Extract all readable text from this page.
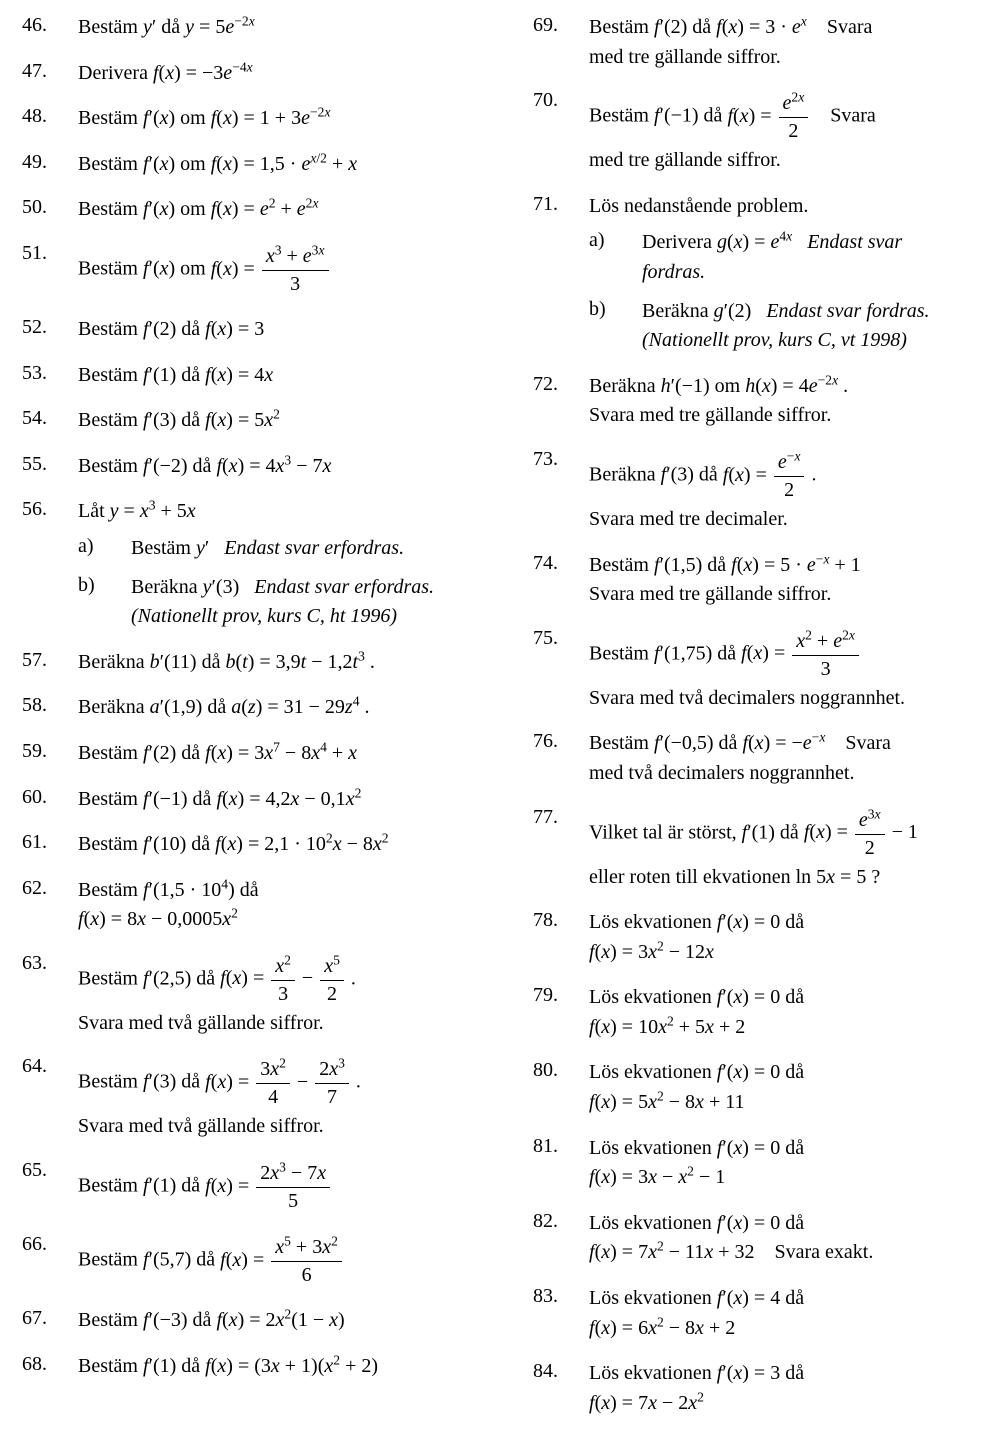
46.	Bestäm y′ då $y = 5e^{-2x}$
47.	Derivera $f(x) = -3e^{-4x}$
48.	Bestäm f′(x) om $f(x) = 1 + 3e^{-2x}$
49.	Bestäm f′(x) om $f(x) = 1,5 \cdot e^{x/2} + x$
50.	Bestäm f′(x) om $f(x) = e^2 + e^{2x}$
51.
Bestäm f′(x) om $f(x) = \frac{x^3 + e^{3x}}{3}$
52.	Bestäm f′(2) då f(x) = 3
53.	Bestäm f′(1) då f(x) = 4x
54.	Bestäm f′(3) då $f(x) = 5x^2$
55.	Bestäm f′(−2) då $f(x) = 4x^3 - 7x$
56.	Låt $y = x^3 + 5x$
a)	Bestäm y′ Endast svar erfordras.
b)	Beräkna y′(3) Endast svar erfordras.
(Nationellt prov, kurs C, ht 1996)
57.	Beräkna b′(11) då $b(t) = 3,9t - 1,2t^3$ .
58.	Beräkna a′(1,9) då $a(z) = 31 - 29z^4$ .
59.	Bestäm f′(2) då $f(x) = 3x^7 - 8x^4 + x$
60.	Bestäm f′(−1) då $f(x) = 4,2x - 0,1x^2$
61.	Bestäm f′(10) då $f(x) = 2,1 \cdot 10^2x - 8x^2$
62.	Bestäm $f'(1,5 \cdot 10^4)$ då
$f(x) = 8x - 0,0005x^2$
63.
Bestäm f′(2,5) då $f(x) = \frac{x^2}{3} - \frac{x^5}{2}$ .
Svara med två gällande siffror.
64.
Bestäm f′(3) då $f(x) = \frac{3x^2}{4} - \frac{2x^3}{7}$ .
Svara med två gällande siffror.
65.
Bestäm f′(1) då $f(x) = \frac{2x^3 - 7x}{5}$
66.
Bestäm f′(5,7) då $f(x) = \frac{x^5 + 3x^2}{6}$
67.	Bestäm f′(−3) då $f(x) = 2x^2(1 - x)$
68.	Bestäm f′(1) då $f(x) = (3x + 1)(x^2 + 2)$
69.	Bestäm f′(2) då $f(x) = 3 \cdot e^x$    Svara
med tre gällande siffror.
70.
Bestäm f′(−1) då $f(x) = \frac{e^{2x}}{2}$ Svara
med tre gällande siffror.
71.	Lös nedanstående problem.
a)	Derivera $g(x) = e^{4x}$ Endast svar
fordras.
b)	Beräkna g′(2) Endast svar fordras.
(Nationellt prov, kurs C, vt 1998)
72.	Beräkna h′(−1) om $h(x) = 4e^{-2x}$ .
Svara med tre gällande siffror.
73.
Beräkna f′(3) då $f(x) = \frac{e^{-x}}{2}$ .
Svara med tre decimaler.
74.	Bestäm f′(1,5) då $f(x) = 5 \cdot e^{-x} + 1$
Svara med tre gällande siffror.
75.
Bestäm f′(1,75) då $f(x) = \frac{x^2 + e^{2x}}{3}$
Svara med två decimalers noggrannhet.
76.	Bestäm f′(−0,5) då $f(x) = -e^{-x}$    Svara
med två decimalers noggrannhet.
77.
Vilket tal är störst, f′(1) då $f(x) = \frac{e^{3x}}{2} - 1$
eller roten till ekvationen ln 5x = 5 ?
78.	Lös ekvationen f′(x) = 0 då
$f(x) = 3x^2 - 12x$
79.	Lös ekvationen f′(x) = 0 då
$f(x) = 10x^2 + 5x + 2$
80.	Lös ekvationen f′(x) = 0 då
$f(x) = 5x^2 - 8x + 11$
81.	Lös ekvationen f′(x) = 0 då
$f(x) = 3x - x^2 - 1$
82.	Lös ekvationen f′(x) = 0 då
$f(x) = 7x^2 - 11x + 32$    Svara exakt.
83.	Lös ekvationen f′(x) = 4 då
$f(x) = 6x^2 - 8x + 2$
84.	Lös ekvationen f′(x) = 3 då
$f(x) = 7x - 2x^2$
